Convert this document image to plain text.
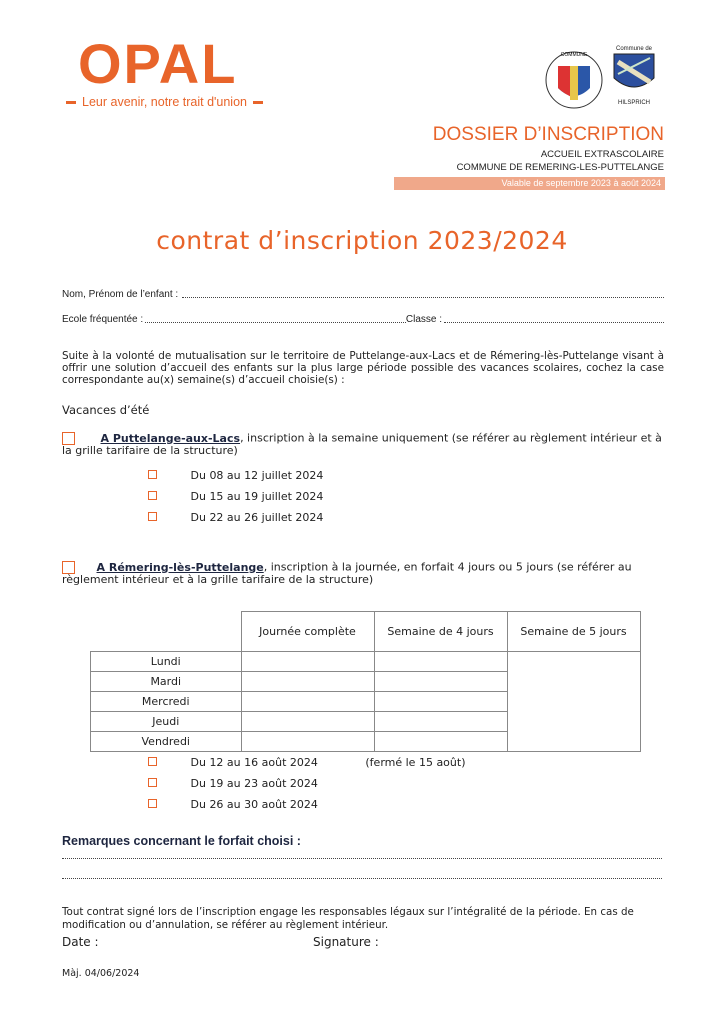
OPAL
Leur avenir, notre trait d'union
COMMUNE
Commune de
HILSPRICH
DOSSIER D’INSCRIPTION
ACCUEIL EXTRASCOLAIRE
COMMUNE DE REMERING-LES-PUTTELANGE
Valable de septembre 2023 à août 2024
contrat d’inscription 2023/2024
Nom, Prénom de l’enfant :
Ecole fréquentée :	Classe :
Suite à la volonté de mutualisation sur le territoire de Puttelange-aux-Lacs et de Rémering-lès-Puttelange visant à offrir une solution d’accueil des enfants sur la plus large période possible des vacances scolaires, cochez la case correspondante au(x) semaine(s) d’accueil choisie(s) :
Vacances d’été
A Puttelange-aux-Lacs, inscription à la semaine uniquement (se référer au règlement intérieur et à la grille tarifaire de la structure)
Du 08 au 12 juillet 2024
Du 15 au 19 juillet 2024
Du 22 au 26 juillet 2024
A Rémering-lès-Puttelange, inscription à la journée, en forfait 4 jours ou 5 jours (se référer au règlement intérieur et à la grille tarifaire de la structure)
	Journée complète	Semaine de 4 jours	Semaine de 5 jours
Lundi			
Mardi			
Mercredi			
Jeudi			
Vendredi			
Du 12 au 16 août 2024	(fermé le 15 août)
Du 19 au 23 août 2024
Du 26 au 30 août 2024
Remarques concernant le forfait choisi :
Tout contrat signé lors de l’inscription engage les responsables légaux sur l’intégralité de la période. En cas de modification ou d’annulation, se référer au règlement intérieur.
Date :	Signature :
Màj. 04/06/2024
